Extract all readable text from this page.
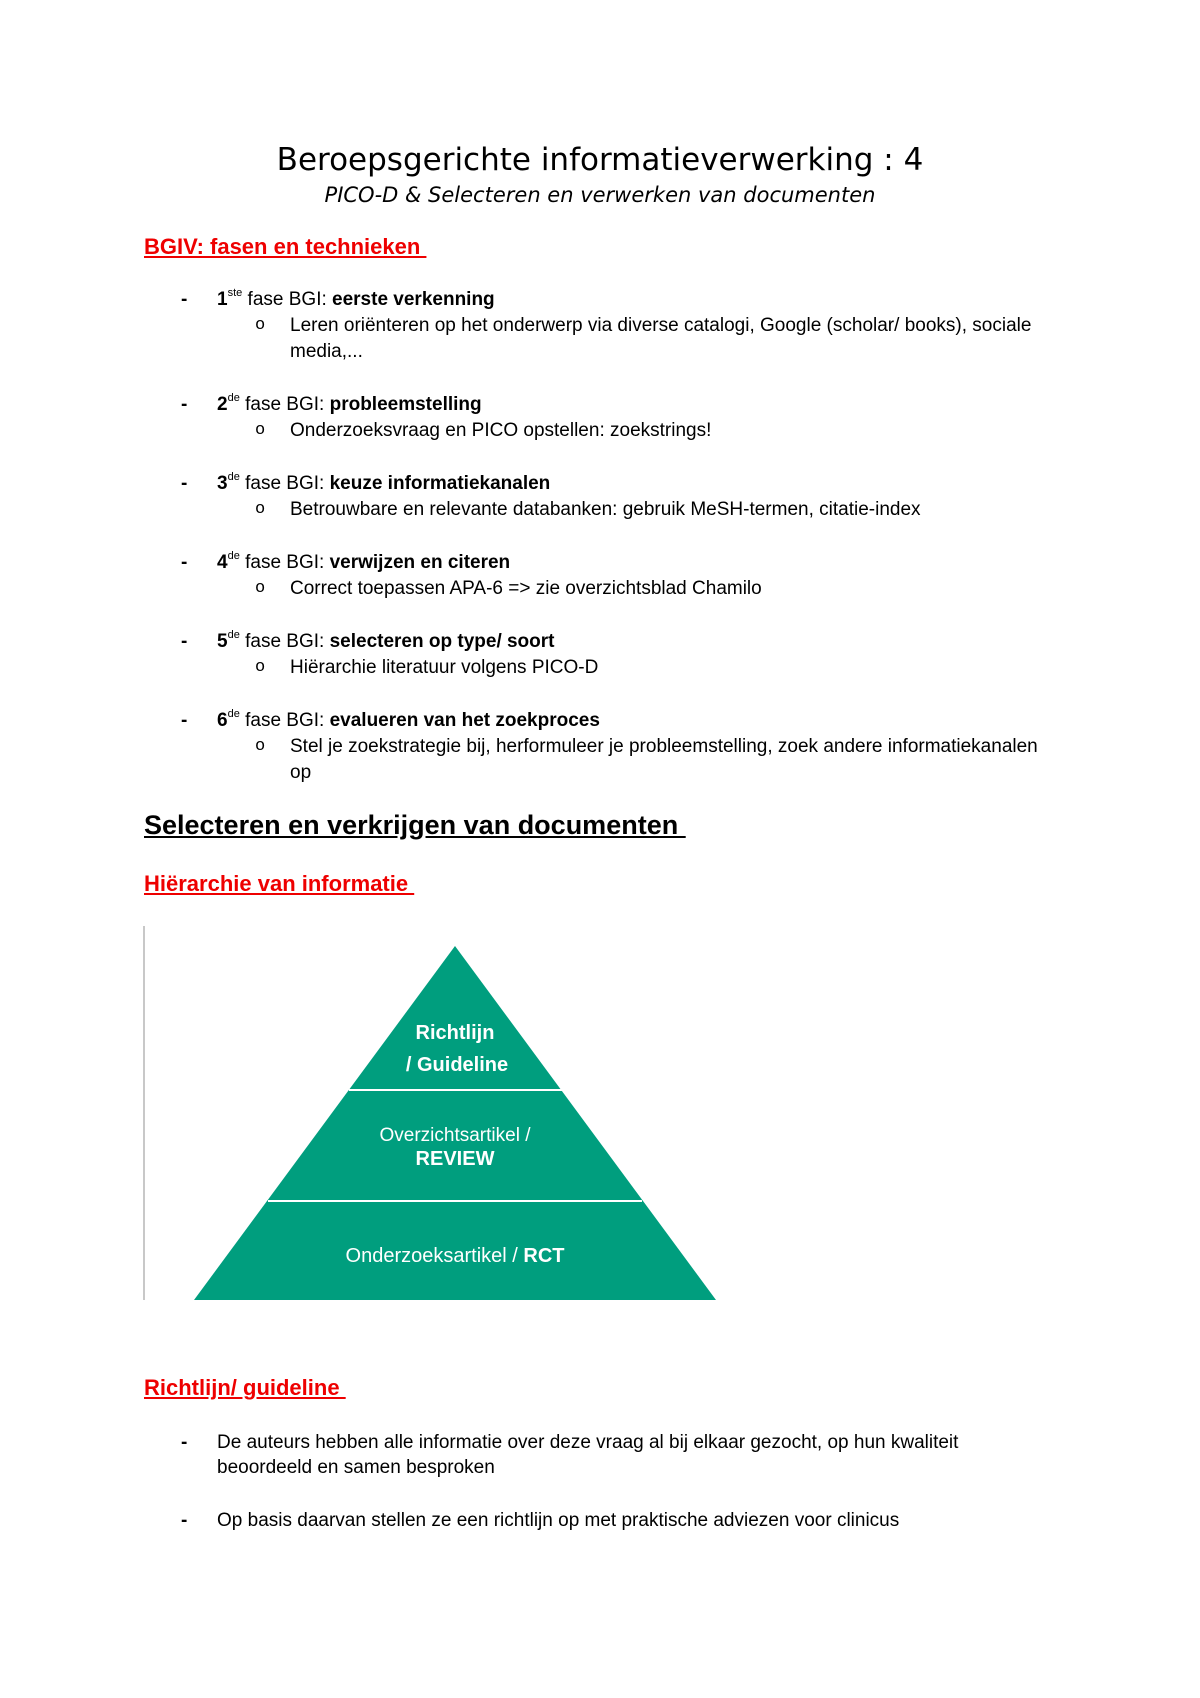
Beroepsgerichte informatieverwerking : 4
PICO-D & Selecteren en verwerken van documenten
BGIV: fasen en technieken
- 1ste fase BGI: eerste verkenning
o Leren oriënteren op het onderwerp via diverse catalogi, Google (scholar/ books), sociale media,...
- 2de fase BGI: probleemstelling
o Onderzoeksvraag en PICO opstellen: zoekstrings!
- 3de fase BGI: keuze informatiekanalen
o Betrouwbare en relevante databanken: gebruik MeSH-termen, citatie-index
- 4de fase BGI: verwijzen en citeren
o Correct toepassen APA-6 => zie overzichtsblad Chamilo
- 5de fase BGI: selecteren op type/ soort
o Hiërarchie literatuur volgens PICO-D
- 6de fase BGI: evalueren van het zoekproces
o Stel je zoekstrategie bij, herformuleer je probleemstelling, zoek andere informatiekanalen op
Selecteren en verkrijgen van documenten
Hiërarchie van informatie
Richtlijn
/ Guideline
Overzichtsartikel /
REVIEW
Onderzoeksartikel / RCT
Richtlijn/ guideline
- De auteurs hebben alle informatie over deze vraag al bij elkaar gezocht, op hun kwaliteit beoordeeld en samen besproken
- Op basis daarvan stellen ze een richtlijn op met praktische adviezen voor clinicus
